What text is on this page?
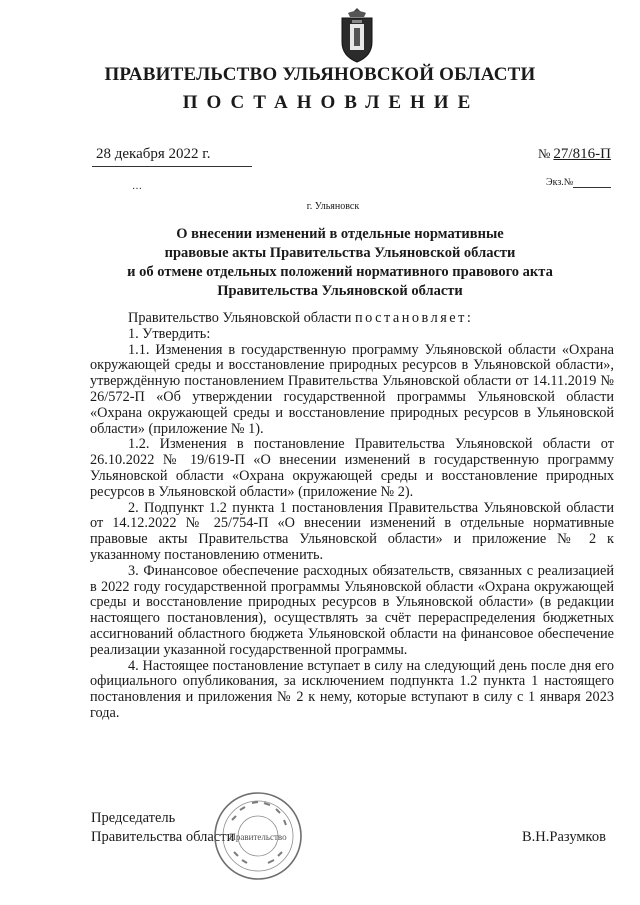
ПРАВИТЕЛЬСТВО УЛЬЯНОВСКОЙ ОБЛАСТИ
ПОСТАНОВЛЕНИЕ
28 декабря 2022 г.	№ 27/816-П
…	Экз.№
г. Ульяновск
О внесении изменений в отдельные нормативные
правовые акты Правительства Ульяновской области
и об отмене отдельных положений нормативного правового акта
Правительства Ульяновской области

Правительство Ульяновской области постановляет:

1. Утвердить:

1.1. Изменения в государственную программу Ульяновской области «Охрана окружающей среды и восстановление природных ресурсов в Ульяновской области», утверждённую постановлением Правительства Ульяновской области от 14.11.2019 № 26/572-П «Об утверждении государственной программы Ульяновской области «Охрана окружающей среды и восстановление природных ресурсов в Ульяновской области» (приложение № 1).

1.2. Изменения в постановление Правительства Ульяновской области от 26.10.2022 № 19/619-П «О внесении изменений в государственную программу Ульяновской области «Охрана окружающей среды и восстановление природных ресурсов в Ульяновской области» (приложение № 2).

2. Подпункт 1.2 пункта 1 постановления Правительства Ульяновской области от 14.12.2022 № 25/754-П «О внесении изменений в отдельные нормативные правовые акты Правительства Ульяновской области» и приложение № 2 к указанному постановлению отменить.

3. Финансовое обеспечение расходных обязательств, связанных с реализацией в 2022 году государственной программы Ульяновской области «Охрана окружающей среды и восстановление природных ресурсов в Ульяновской области» (в редакции настоящего постановления), осуществлять за счёт перераспределения бюджетных ассигнований областного бюджета Ульяновской области на финансовое обеспечение реализации указанной государственной программы.

4. Настоящее постановление вступает в силу на следующий день после дня его официального опубликования, за исключением подпункта 1.2 пункта 1 настоящего постановления и приложения № 2 к нему, которые вступают в силу с 1 января 2023 года.

Председатель
Правительства области	В.Н.Разумков
Правительство
